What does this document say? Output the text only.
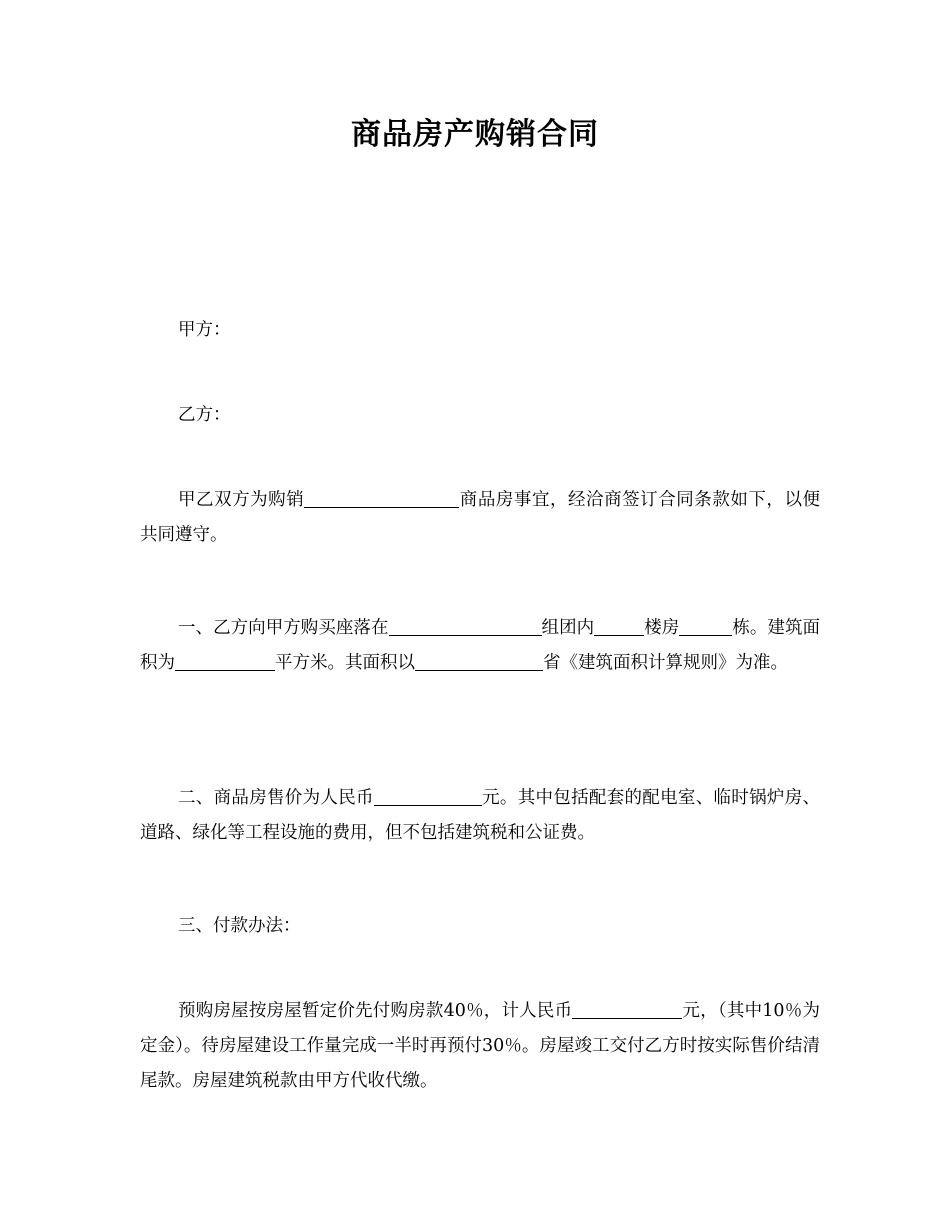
商品房产购销合同
甲方：
乙方：
甲乙双方为购销	商品房事宜，经洽商签订合同条款如下，以便共同遵守。
一、乙方向甲方购买座落在	组团内	楼房	栋。建筑面积为	平方米。其面积以	省《建筑面积计算规则》为准。
二、商品房售价为人民币	元。其中包括配套的配电室、临时锅炉房、道路、绿化等工程设施的费用，但不包括建筑税和公证费。
三、付款办法：
预购房屋按房屋暂定价先付购房款40％，计人民币	元，（其中10％为定金）。待房屋建设工作量完成一半时再预付30％。房屋竣工交付乙方时按实际售价结清尾款。房屋建筑税款由甲方代收代缴。
